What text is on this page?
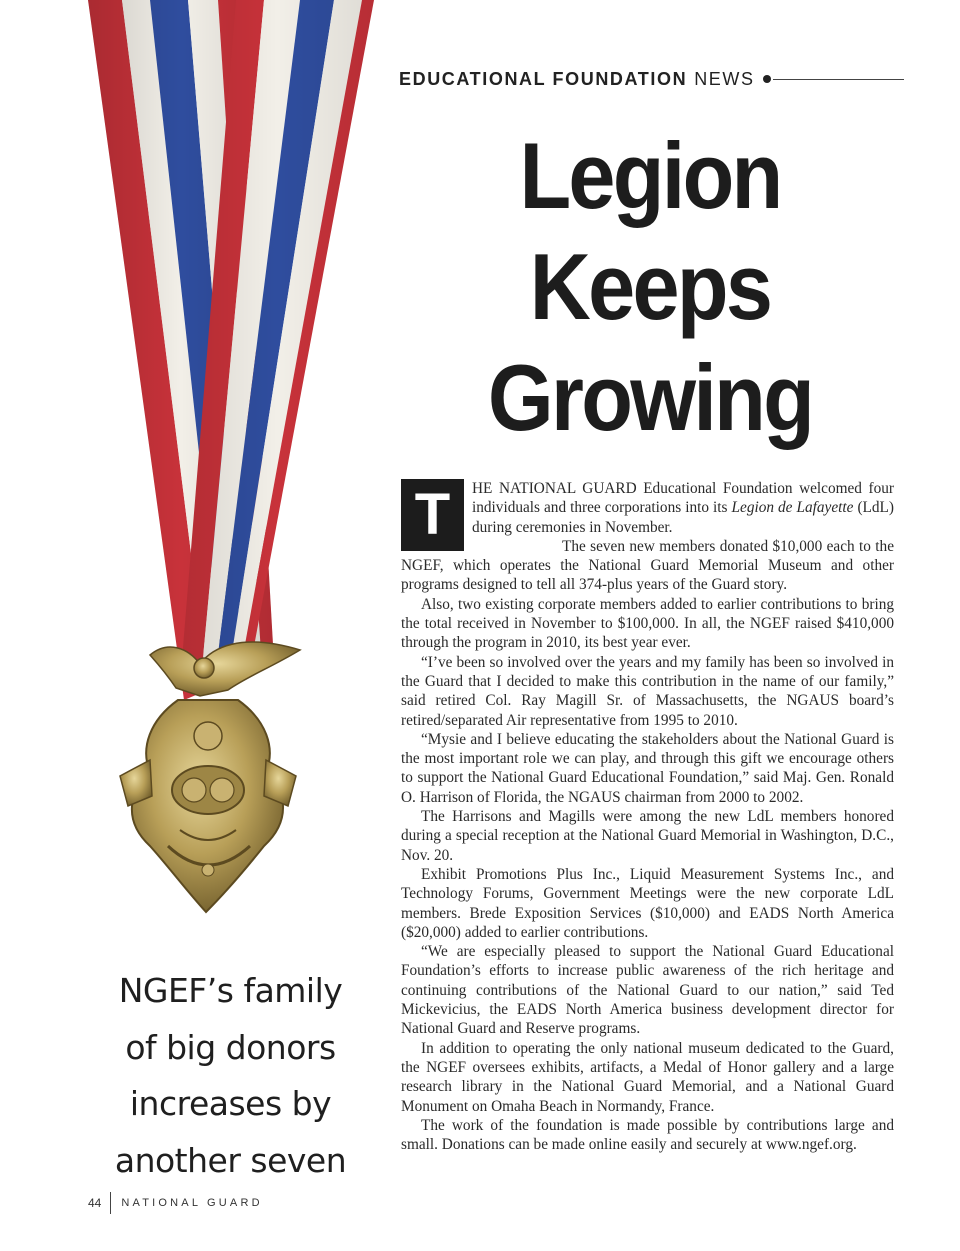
EDUCATIONAL FOUNDATION NEWS
Legion
Keeps
Growing
T	HE NATIONAL GUARD Educational Foundation welcomed four individuals and three corporations into its Legion de Lafayette (LdL) during ceremonies in November.

The seven new members donated $10,000 each to the NGEF, which operates the National Guard Memorial Museum and other programs designed to tell all 374-plus years of the Guard story.

Also, two existing corporate members added to earlier contributions to bring the total received in November to $100,000. In all, the NGEF raised $410,000 through the program in 2010, its best year ever.

“I’ve been so involved over the years and my family has been so involved in the Guard that I decided to make this contribution in the name of our family,” said retired Col. Ray Magill Sr. of Massachusetts, the NGAUS board’s retired/separated Air representative from 1995 to 2010.

“Mysie and I believe educating the stakeholders about the National Guard is the most important role we can play, and through this gift we encourage others to support the National Guard Educational Foundation,” said Maj. Gen. Ronald O. Harrison of Florida, the NGAUS chairman from 2000 to 2002.

The Harrisons and Magills were among the new LdL members honored during a special reception at the National Guard Memorial in Washington, D.C., Nov. 20.

Exhibit Promotions Plus Inc., Liquid Measurement Systems Inc., and Technology Forums, Government Meetings were the new corporate LdL members. Brede Exposition Services ($10,000) and EADS North America ($20,000) added to earlier contributions.

“We are especially pleased to support the National Guard Educational Foundation’s efforts to increase public awareness of the rich heritage and continuing contributions of the National Guard to our nation,” said Ted Mickevicius, the EADS North America business development director for National Guard and Reserve programs.

In addition to operating the only national museum dedicated to the Guard, the NGEF oversees exhibits, artifacts, a Medal of Honor gallery and a large research library in the National Guard Memorial, and a National Guard Monument on Omaha Beach in Normandy, France.

The work of the foundation is made possible by contributions large and small. Donations can be made online easily and securely at www.ngef.org.

NGEF’s family
of big donors
increases by
another seven
44 NATIONAL GUARD
